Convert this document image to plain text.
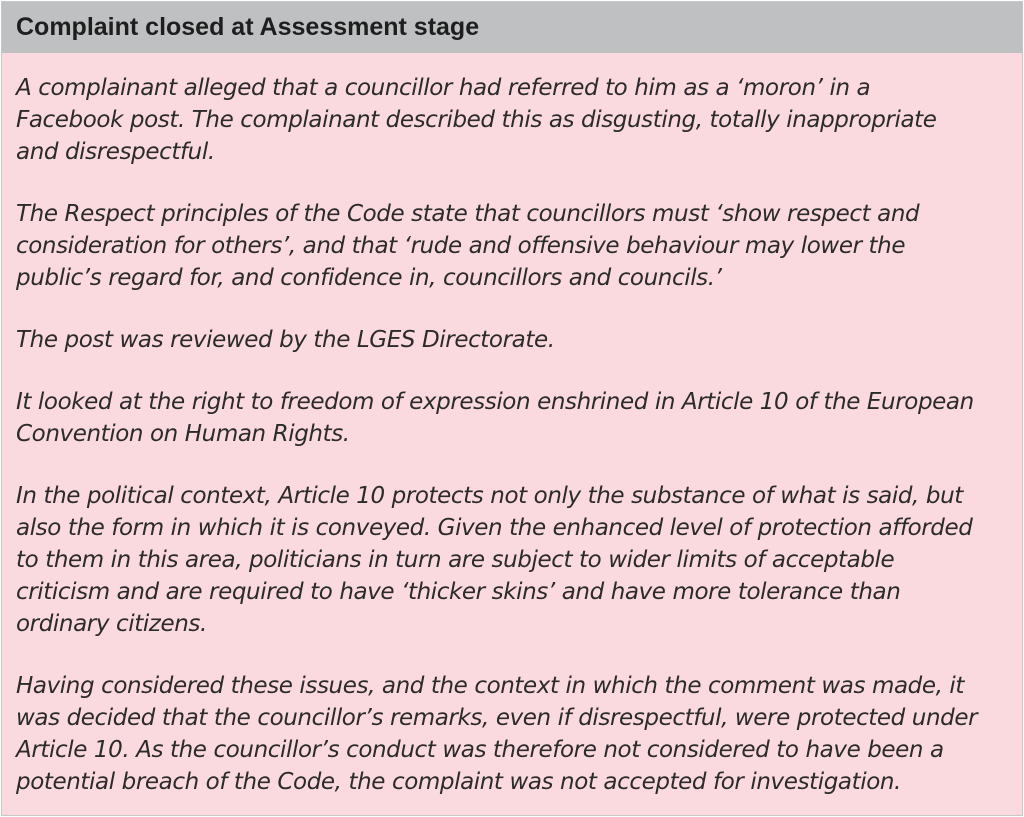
Complaint closed at Assessment stage

A complainant alleged that a councillor had referred to him as a ‘moron’ in a
Facebook post. The complainant described this as disgusting, totally inappropriate
and disrespectful.

The Respect principles of the Code state that councillors must ‘show respect and
consideration for others’, and that ‘rude and offensive behaviour may lower the
public’s regard for, and confidence in, councillors and councils.’

The post was reviewed by the LGES Directorate.

It looked at the right to freedom of expression enshrined in Article 10 of the European
Convention on Human Rights.

In the political context, Article 10 protects not only the substance of what is said, but
also the form in which it is conveyed. Given the enhanced level of protection afforded
to them in this area, politicians in turn are subject to wider limits of acceptable
criticism and are required to have ‘thicker skins’ and have more tolerance than
ordinary citizens.

Having considered these issues, and the context in which the comment was made, it
was decided that the councillor’s remarks, even if disrespectful, were protected under
Article 10. As the councillor’s conduct was therefore not considered to have been a
potential breach of the Code, the complaint was not accepted for investigation.
